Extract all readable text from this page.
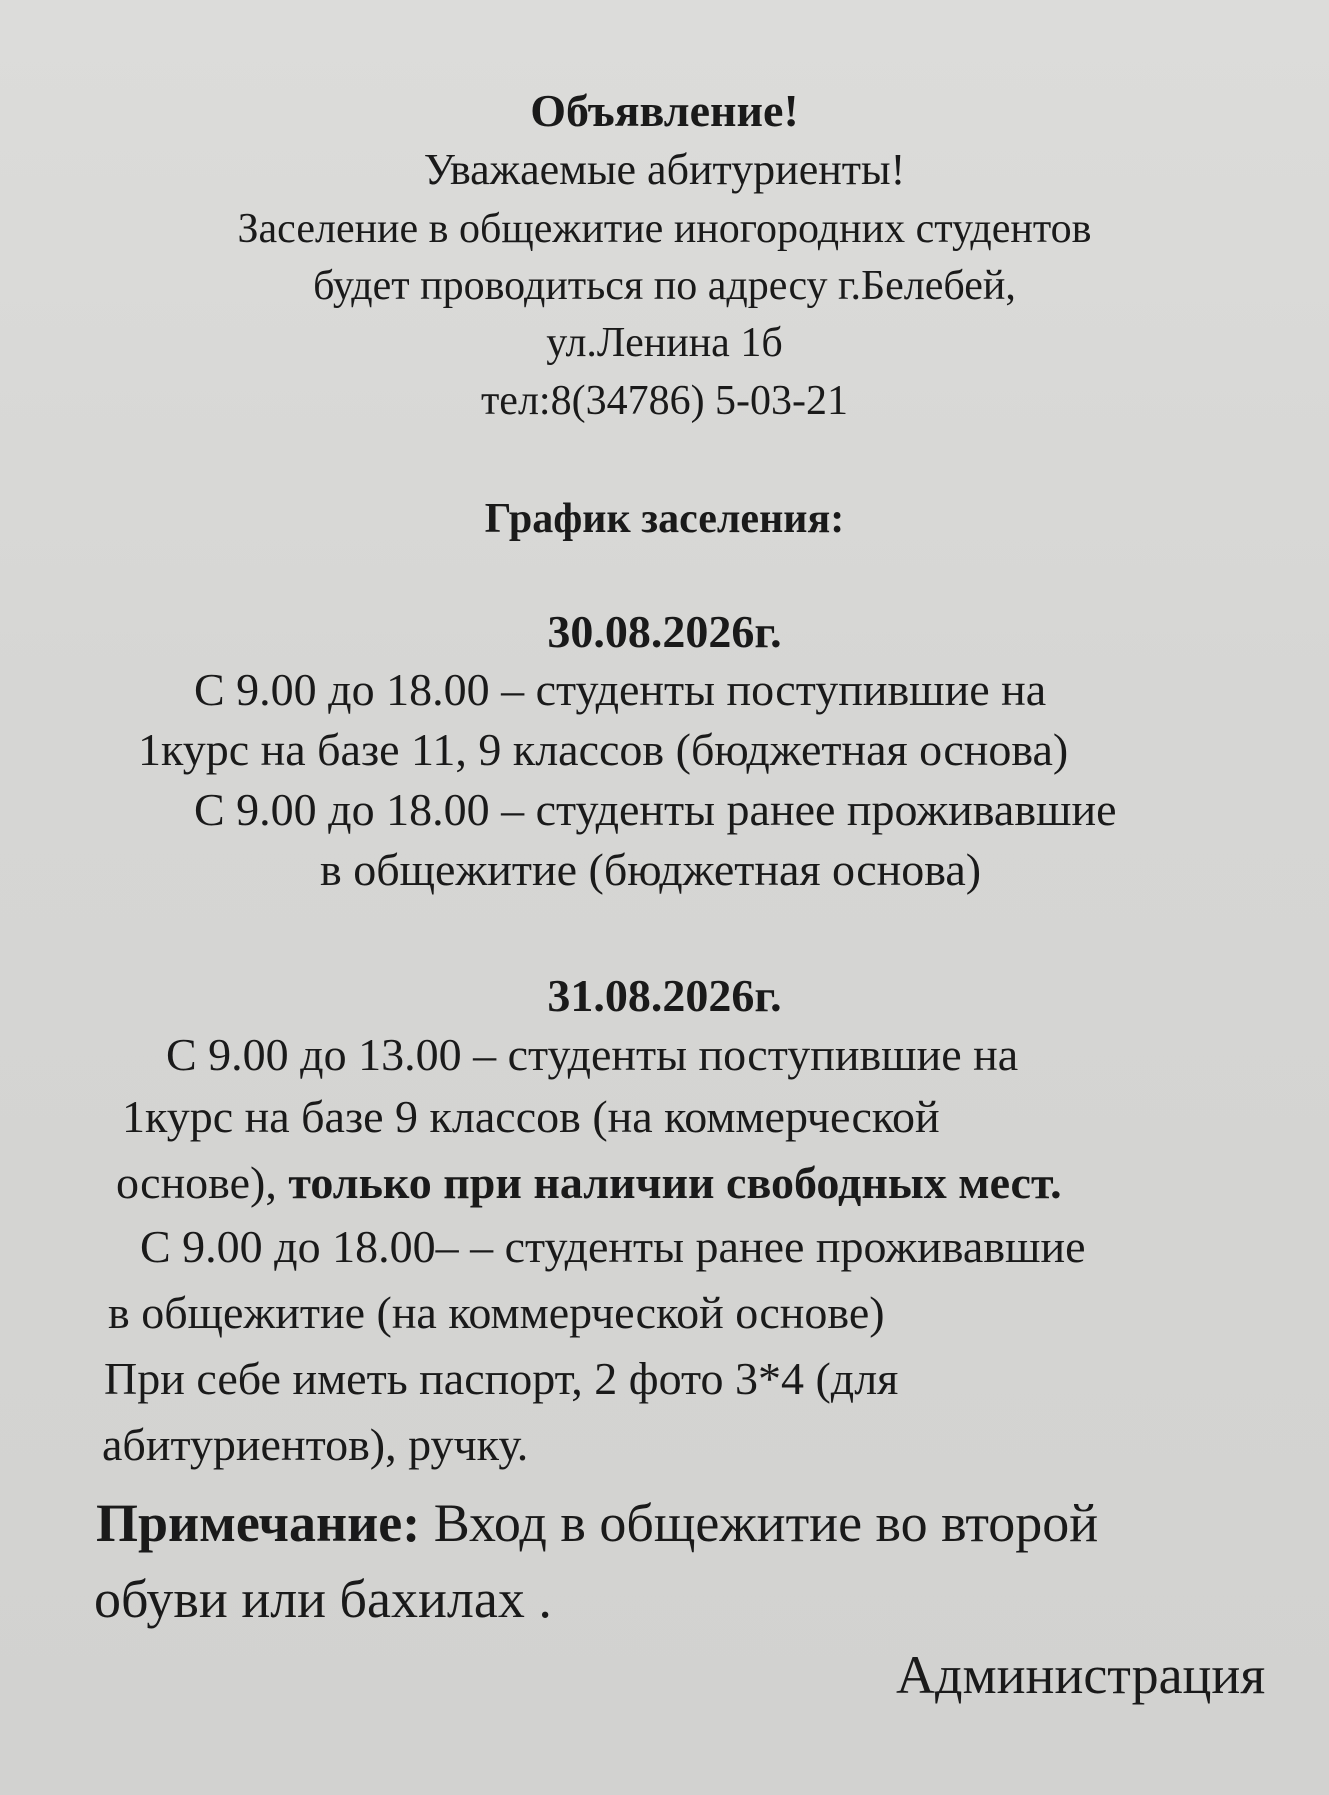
Объявление!
Уважаемые абитуриенты!
Заселение в общежитие иногородних студентов
будет проводиться по адресу г.Белебей,
ул.Ленина 1б
тел:8(34786) 5-03-21
График заселения:
30.08.2026г.
С 9.00 до 18.00 – студенты поступившие на
1курс на базе 11, 9 классов (бюджетная основа)
С 9.00 до 18.00 – студенты ранее проживавшие
в общежитие (бюджетная основа)
31.08.2026г.
С 9.00 до 13.00 – студенты поступившие на
1курс на базе 9 классов (на коммерческой
основе), только при наличии свободных мест.
С 9.00 до 18.00– – студенты ранее проживавшие
в общежитие (на коммерческой основе)
При себе иметь паспорт, 2 фото 3*4 (для
абитуриентов), ручку.
Примечание: Вход в общежитие во второй
обуви или бахилах .
Администрация
